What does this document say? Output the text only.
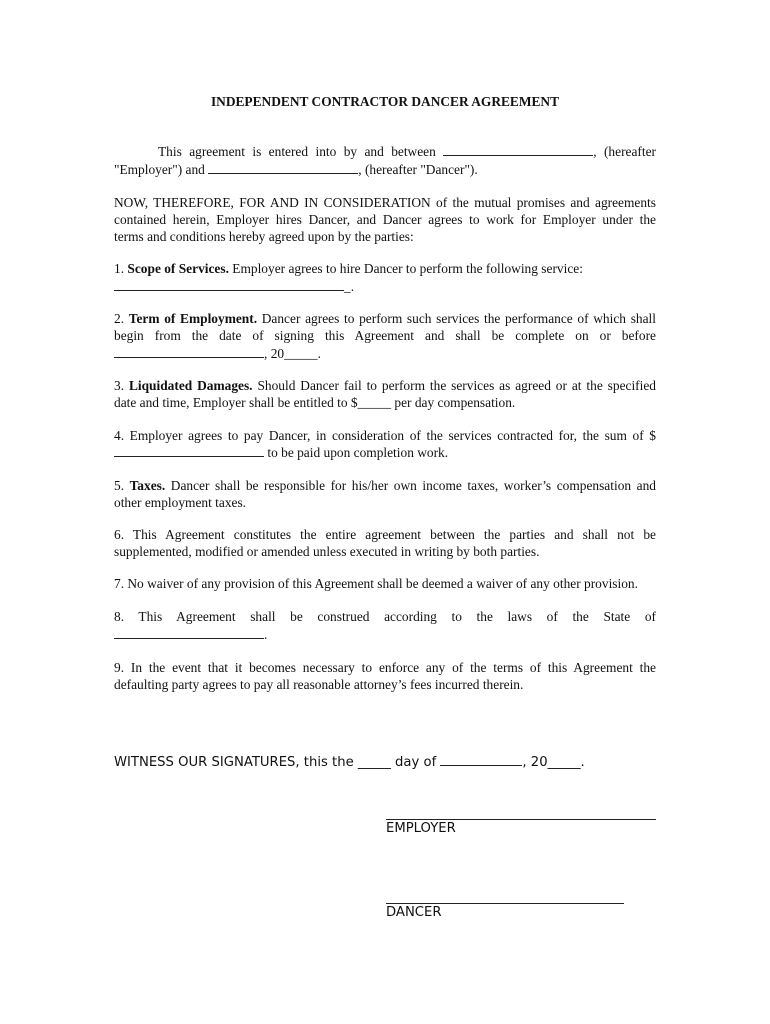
INDEPENDENT CONTRACTOR DANCER AGREEMENT
This agreement is entered into by and between	, (hereafter
"Employer") and	, (hereafter "Dancer").
NOW, THEREFORE, FOR AND IN CONSIDERATION of the mutual promises and agreements
contained herein, Employer hires Dancer, and Dancer agrees to work for Employer under the
terms and conditions hereby agreed upon by the parties:
1. Scope of Services. Employer agrees to hire Dancer to perform the following service:
_.
2. Term of Employment. Dancer agrees to perform such services the performance of which shall
begin from the date of signing this Agreement and shall be complete on or before
, 20_____.
3. Liquidated Damages. Should Dancer fail to perform the services as agreed or at the specified
date and time, Employer shall be entitled to $_____ per day compensation.
4. Employer agrees to pay Dancer, in consideration of the services contracted for, the sum of $
to be paid upon completion work.
5. Taxes. Dancer shall be responsible for his/her own income taxes, worker’s compensation and
other employment taxes.
6. This Agreement constitutes the entire agreement between the parties and shall not be
supplemented, modified or amended unless executed in writing by both parties.
7. No waiver of any provision of this Agreement shall be deemed a waiver of any other provision.
8. This Agreement shall be construed according to the laws of the State of
.
9. In the event that it becomes necessary to enforce any of the terms of this Agreement the
defaulting party agrees to pay all reasonable attorney’s fees incurred therein.
WITNESS OUR SIGNATURES, this the _____ day of	, 20_____.
EMPLOYER
DANCER
